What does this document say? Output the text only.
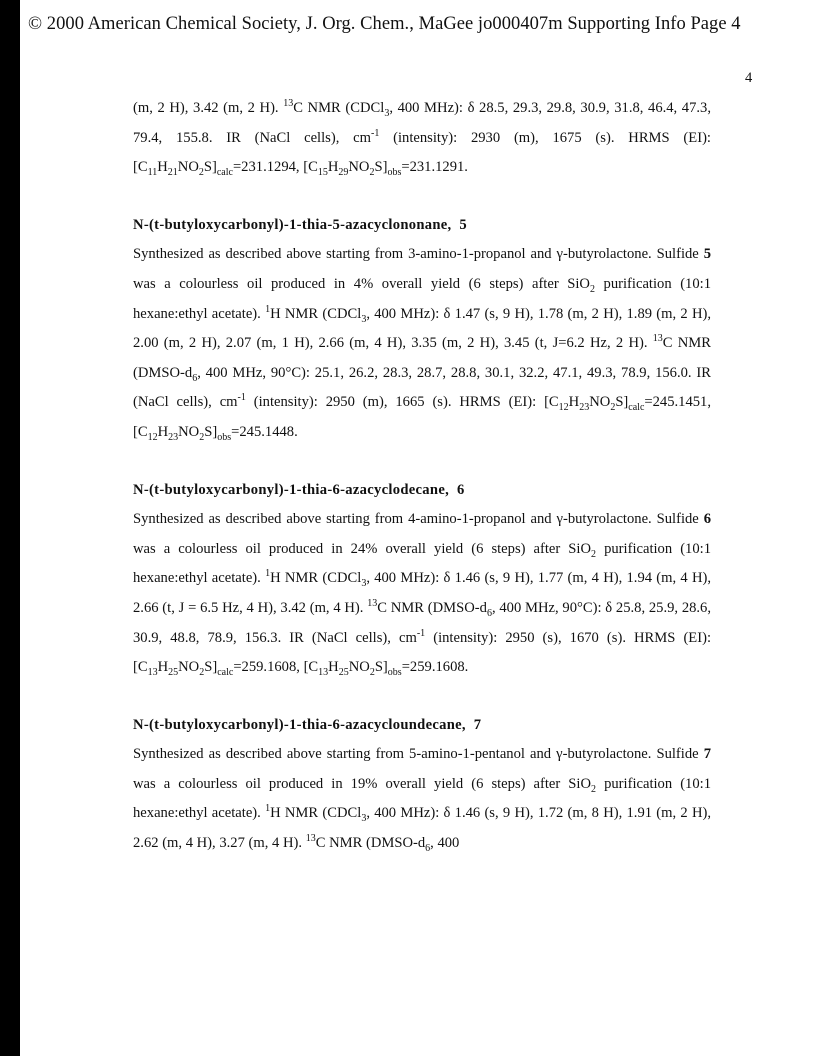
© 2000 American Chemical Society, J. Org. Chem., MaGee jo000407m Supporting Info Page 4
4

(m, 2 H), 3.42 (m, 2 H). $^{13}$C NMR (CDCl$_3$, 400 MHz): δ 28.5, 29.3, 29.8, 30.9, 31.8, 46.4, 47.3, 79.4, 155.8. IR (NaCl cells), $cm^{-1}$ (intensity): 2930 (m), 1675 (s). HRMS (EI): $[C_{11}H_{21}NO_2S]_{calc}=231.1294$, $[C_{15}H_{29}NO_2S]_{obs}=231.1291$.

N-(t-butyloxycarbonyl)-1-thia-5-azacyclononane, 5

Synthesized as described above starting from 3-amino-1-propanol and γ-butyrolactone. Sulfide 5 was a colourless oil produced in 4% overall yield (6 steps) after SiO$_2$ purification (10:1 hexane:ethyl acetate). $^1$H NMR (CDCl$_3$, 400 MHz): δ 1.47 (s, 9 H), 1.78 (m, 2 H), 1.89 (m, 2 H), 2.00 (m, 2 H), 2.07 (m, 1 H), 2.66 (m, 4 H), 3.35 (m, 2 H), 3.45 (t, J=6.2 Hz, 2 H). $^{13}$C NMR ($DMSO-d_6$, 400 MHz, 90°C): 25.1, 26.2, 28.3, 28.7, 28.8, 30.1, 32.2, 47.1, 49.3, 78.9, 156.0. IR (NaCl cells), $cm^{-1}$ (intensity): 2950 (m), 1665 (s). HRMS (EI): $[C_{12}H_{23}NO_2S]_{calc}=245.1451$, $[C_{12}H_{23}NO_2S]_{obs}=245.1448$.

N-(t-butyloxycarbonyl)-1-thia-6-azacyclodecane, 6

Synthesized as described above starting from 4-amino-1-propanol and γ-butyrolactone. Sulfide 6 was a colourless oil produced in 24% overall yield (6 steps) after SiO$_2$ purification (10:1 hexane:ethyl acetate). $^1$H NMR (CDCl$_3$, 400 MHz): δ 1.46 (s, 9 H), 1.77 (m, 4 H), 1.94 (m, 4 H), 2.66 (t, J = 6.5 Hz, 4 H), 3.42 (m, 4 H). $^{13}$C NMR ($DMSO-d_6$, 400 MHz, 90°C): δ 25.8, 25.9, 28.6, 30.9, 48.8, 78.9, 156.3. IR (NaCl cells), $cm^{-1}$ (intensity): 2950 (s), 1670 (s). HRMS (EI): $[C_{13}H_{25}NO_2S]_{calc}=259.1608$, $[C_{13}H_{25}NO_2S]_{obs}=259.1608$.

N-(t-butyloxycarbonyl)-1-thia-6-azacycloundecane, 7

Synthesized as described above starting from 5-amino-1-pentanol and γ-butyrolactone. Sulfide 7 was a colourless oil produced in 19% overall yield (6 steps) after SiO$_2$ purification (10:1 hexane:ethyl acetate). $^1$H NMR (CDCl$_3$, 400 MHz): δ 1.46 (s, 9 H), 1.72 (m, 8 H), 1.91 (m, 2 H), 2.62 (m, 4 H), 3.27 (m, 4 H). $^{13}$C NMR ($DMSO-d_6$, 400
